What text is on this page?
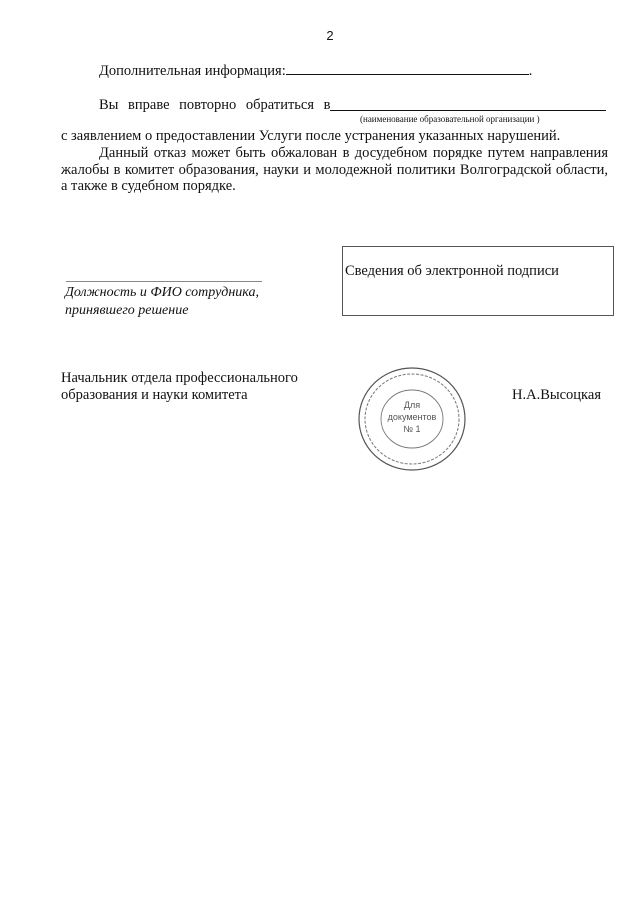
2
Дополнительная информация:	.
Вы вправе повторно обратиться в
(наименование образовательной организации )
с заявлением о предоставлении Услуги после устранения указанных нарушений.
Данный отказ может быть обжалован в досудебном порядке путем направления жалобы в комитет образования, науки и молодежной политики Волгоградской области, а также в судебном порядке.
Должность и ФИО сотрудника,
принявшего решение
Сведения об электронной подписи
Начальник отдела профессионального
образования и науки комитета
Для
документов
№ 1
Н.А.Высоцкая
